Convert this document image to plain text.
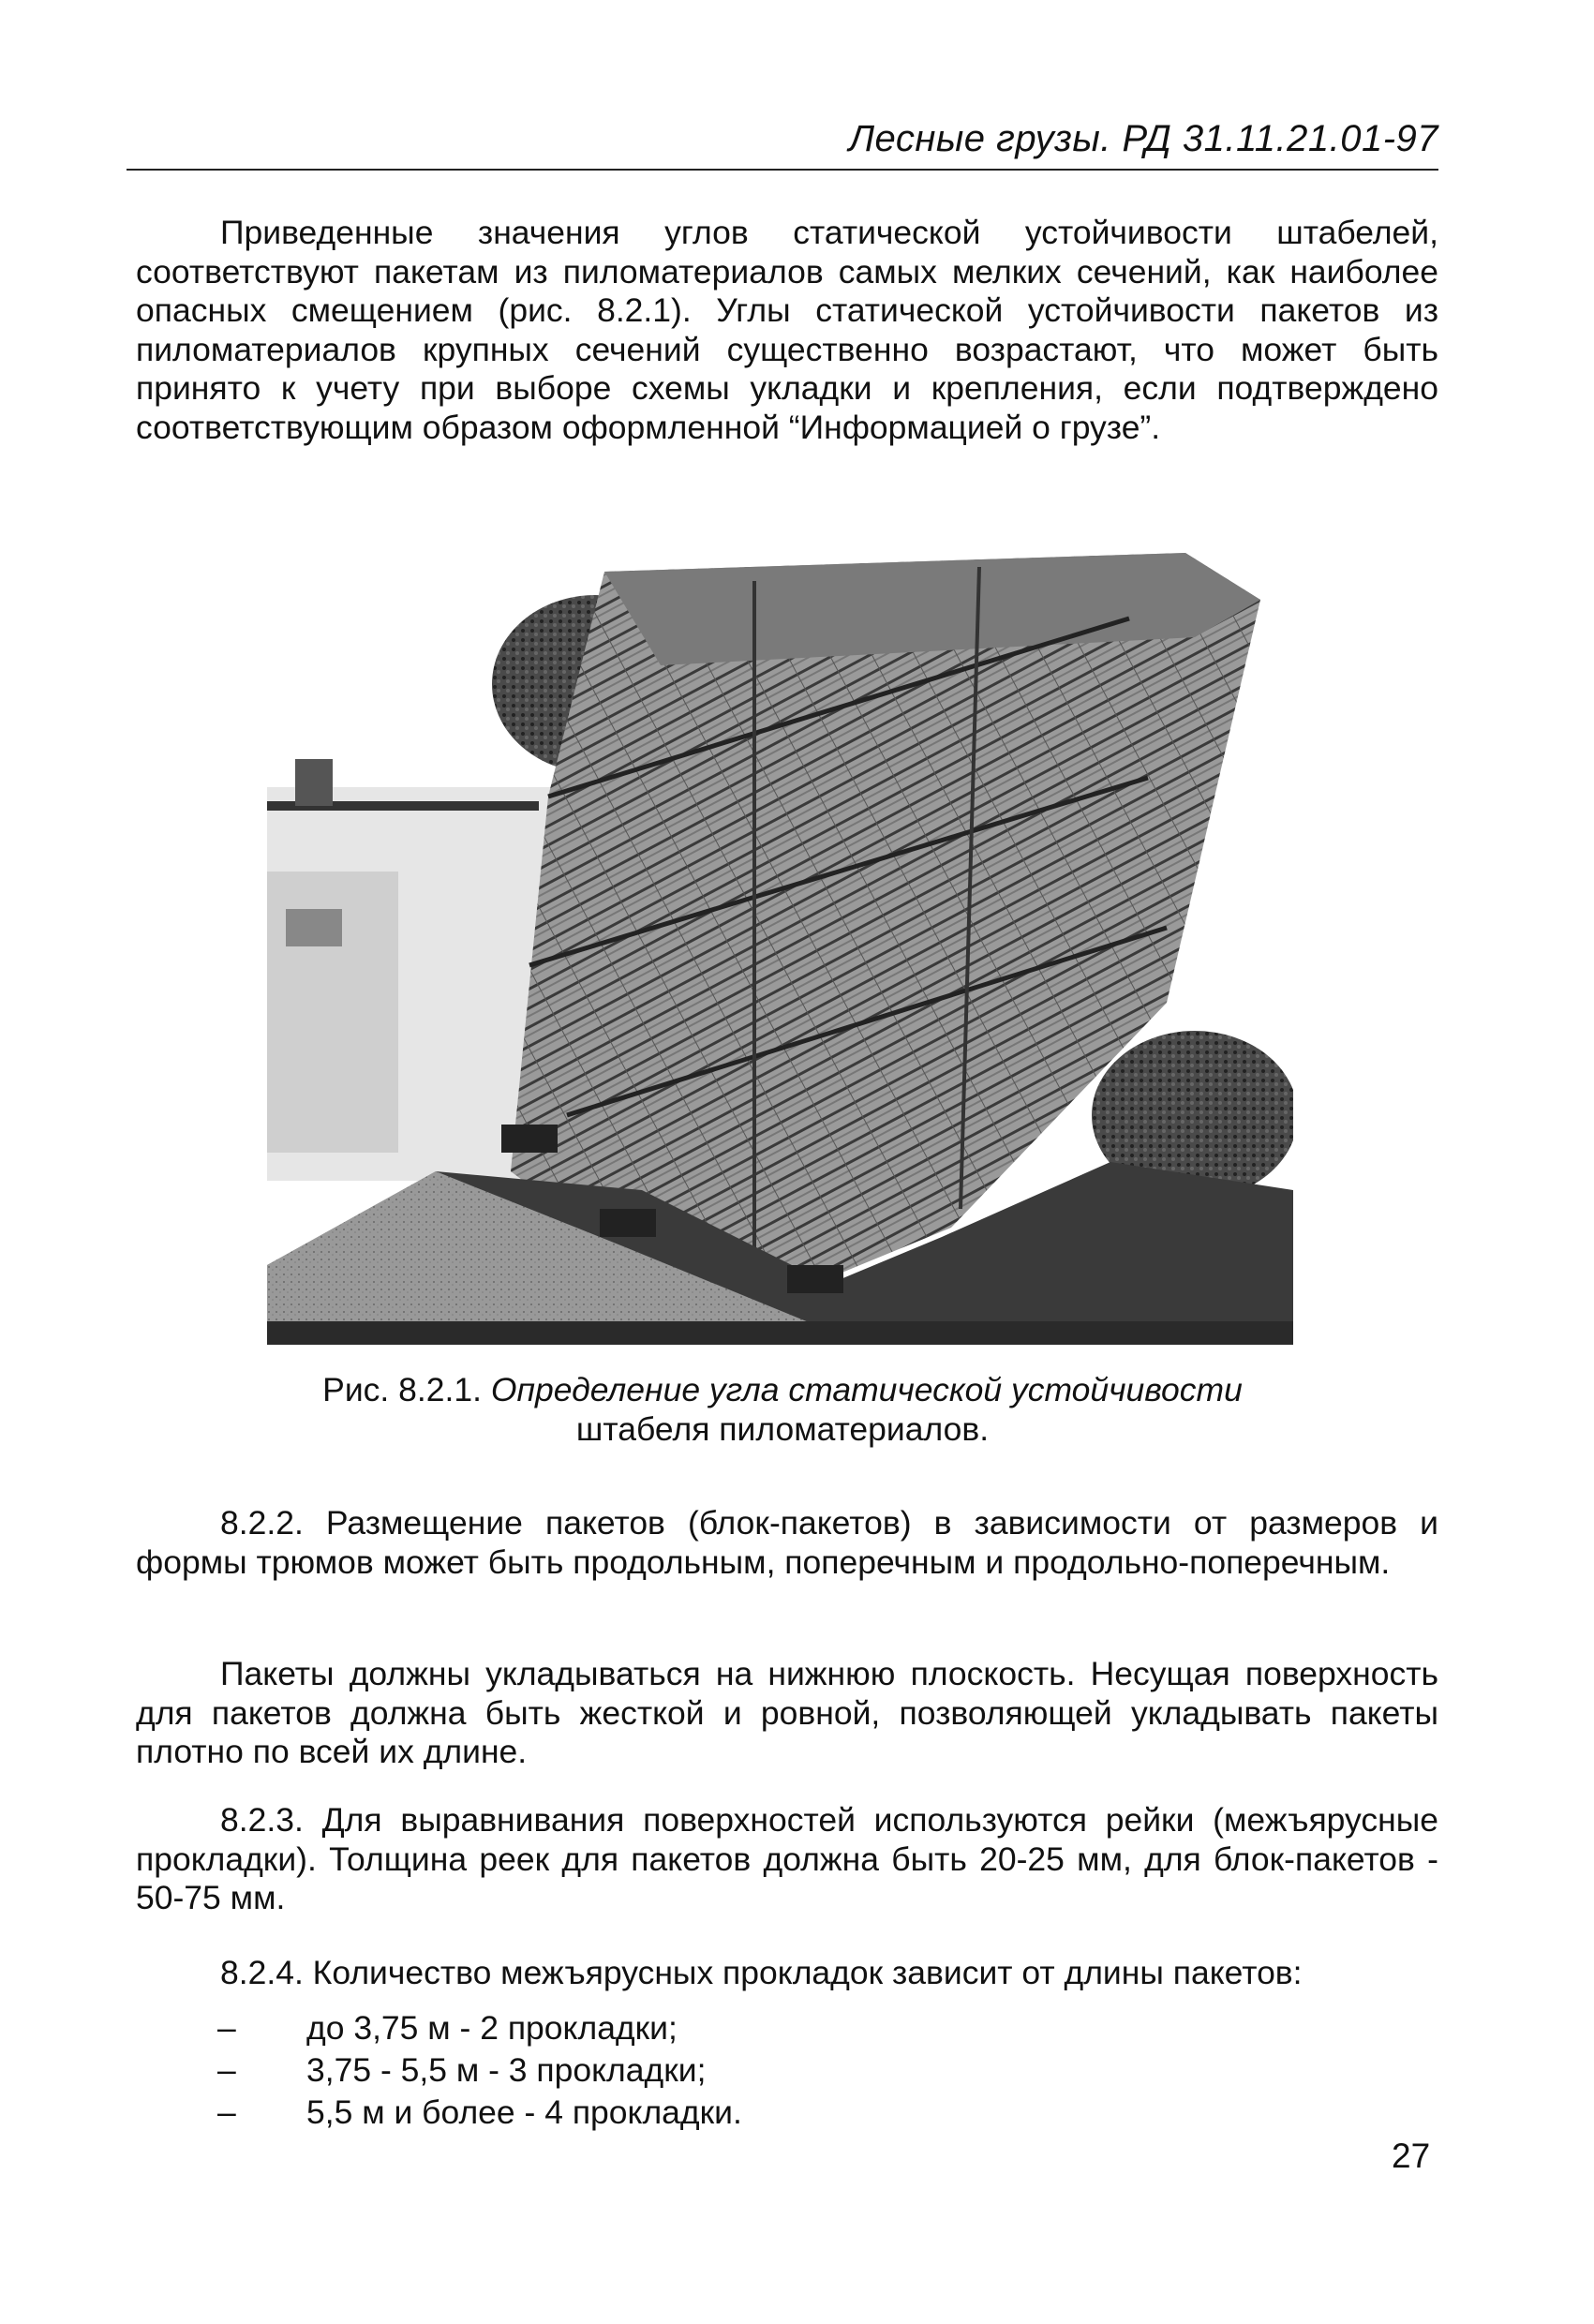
Лесные грузы. РД 31.11.21.01-97

Приведенные значения углов статической устойчивости штабелей, соответствуют пакетам из пиломатериалов самых мелких сечений, как наиболее опасных смещением (рис. 8.2.1). Углы статической устойчивости пакетов из пиломатериалов крупных сечений существенно возрастают, что может быть принято к учету при выборе схемы укладки и крепления, если подтверждено соответствующим образом оформленной “Информацией о грузе”.

Рис. 8.2.1. Определение угла статической устойчивости
штабеля пиломатериалов.

8.2.2. Размещение пакетов (блок-пакетов) в зависимости от размеров и формы трюмов может быть продольным, поперечным и продольно-поперечным.

Пакеты должны укладываться на нижнюю плоскость. Несущая поверхность для пакетов должна быть жесткой и ровной, позволяющей укладывать пакеты плотно по всей их длине.

8.2.3. Для выравнивания поверхностей используются рейки (межъярусные прокладки). Толщина реек для пакетов должна быть 20-25 мм, для блок-пакетов - 50-75 мм.

8.2.4. Количество межъярусных прокладок зависит от длины пакетов:

– до 3,75 м - 2 прокладки;
– 3,75 - 5,5 м - 3 прокладки;
– 5,5 м и более - 4 прокладки.
27
